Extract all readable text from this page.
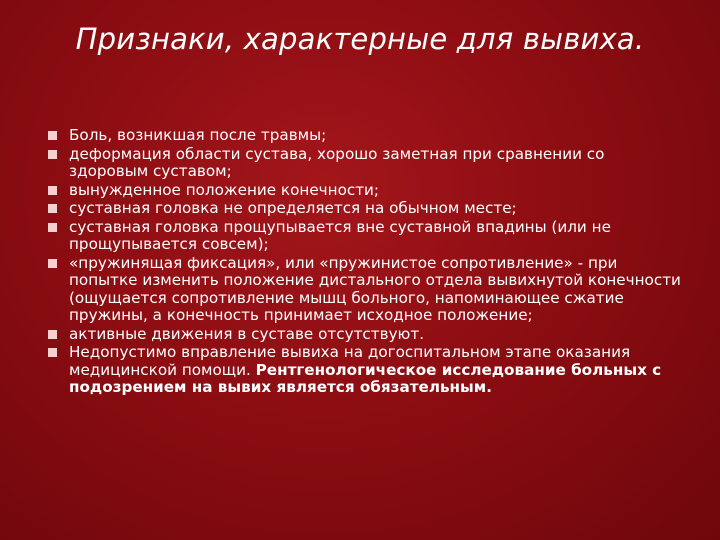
Признаки, характерные для вывиха.
Боль, возникшая после травмы;
деформация области сустава, хорошо заметная при сравнении со здоровым суставом;
вынужденное положение конечности;
суставная головка не определяется на обычном месте;
суставная головка прощупывается вне суставной впадины (или не прощупывается совсем);
«пружинящая фиксация», или «пружинистое сопротивление» - при попытке изменить положение дистального отдела вывихнутой конечности (ощущается сопротивление мышц больного, напоминающее сжатие пружины, а конечность принимает исходное положение;
активные движения в суставе отсутствуют.
Недопустимо вправление вывиха на догоспитальном этапе оказания медицинской помощи. Рентгенологическое исследование больных с подозрением на вывих является обязательным.
